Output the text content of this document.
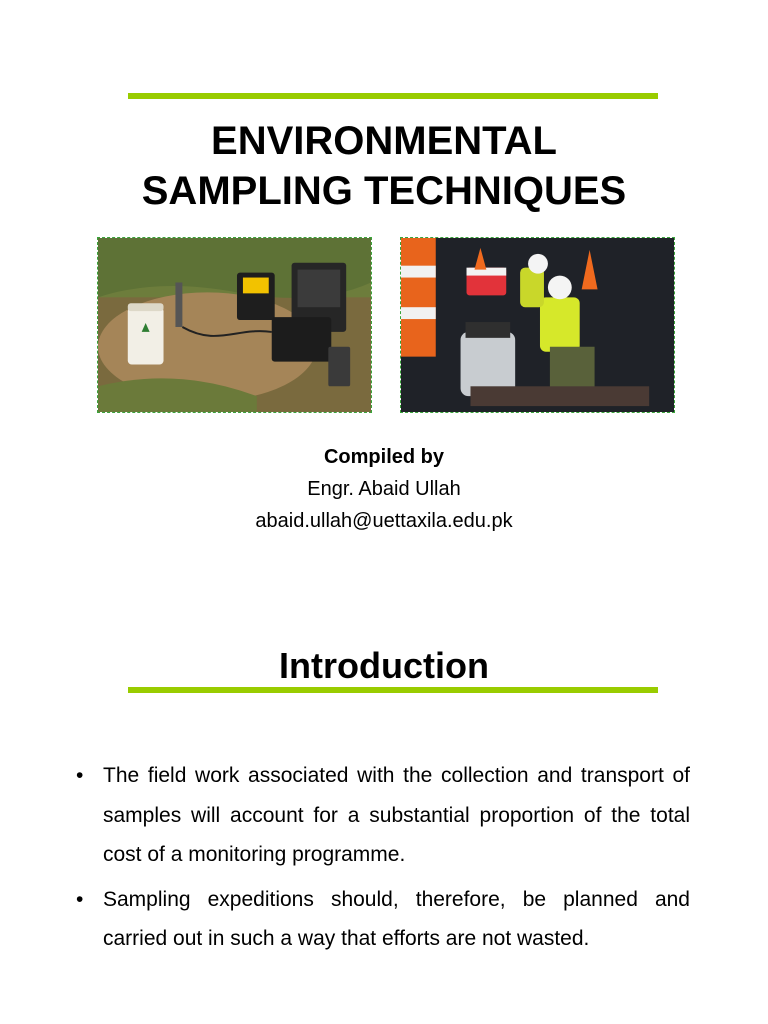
ENVIRONMENTAL
SAMPLING TECHNIQUES
Compiled by
Engr. Abaid Ullah
abaid.ullah@uettaxila.edu.pk
Introduction
• The field work associated with the collection and transport of samples will account for a substantial proportion of the total cost of a monitoring programme.
• Sampling expeditions should, therefore, be planned and carried out in such a way that efforts are not wasted.
